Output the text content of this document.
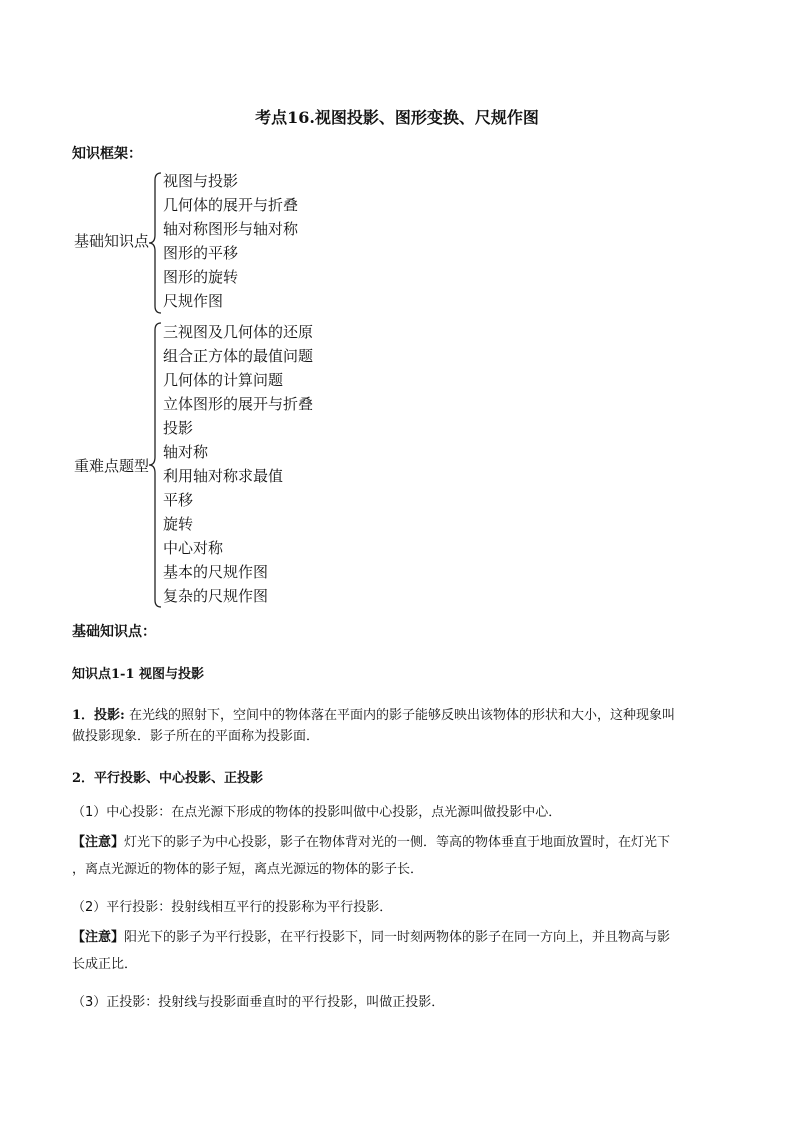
考点16.视图投影、图形变换、尺规作图
知识框架：
基础知识点
视图与投影
几何体的展开与折叠
轴对称图形与轴对称
图形的平移
图形的旋转
尺规作图
重难点题型
三视图及几何体的还原
组合正方体的最值问题
几何体的计算问题
立体图形的展开与折叠
投影
轴对称
利用轴对称求最值
平移
旋转
中心对称
基本的尺规作图
复杂的尺规作图
基础知识点：
知识点1-1 视图与投影
1．投影: 在光线的照射下，空间中的物体落在平面内的影子能够反映出该物体的形状和大小，这种现象叫
做投影现象．影子所在的平面称为投影面．
2．平行投影、中心投影、正投影
（1）中心投影：在点光源下形成的物体的投影叫做中心投影，点光源叫做投影中心．
【注意】灯光下的影子为中心投影，影子在物体背对光的一侧．等高的物体垂直于地面放置时，在灯光下
，离点光源近的物体的影子短，离点光源远的物体的影子长．
（2）平行投影：投射线相互平行的投影称为平行投影．
【注意】阳光下的影子为平行投影，在平行投影下，同一时刻两物体的影子在同一方向上，并且物高与影
长成正比．
（3）正投影：投射线与投影面垂直时的平行投影，叫做正投影．
